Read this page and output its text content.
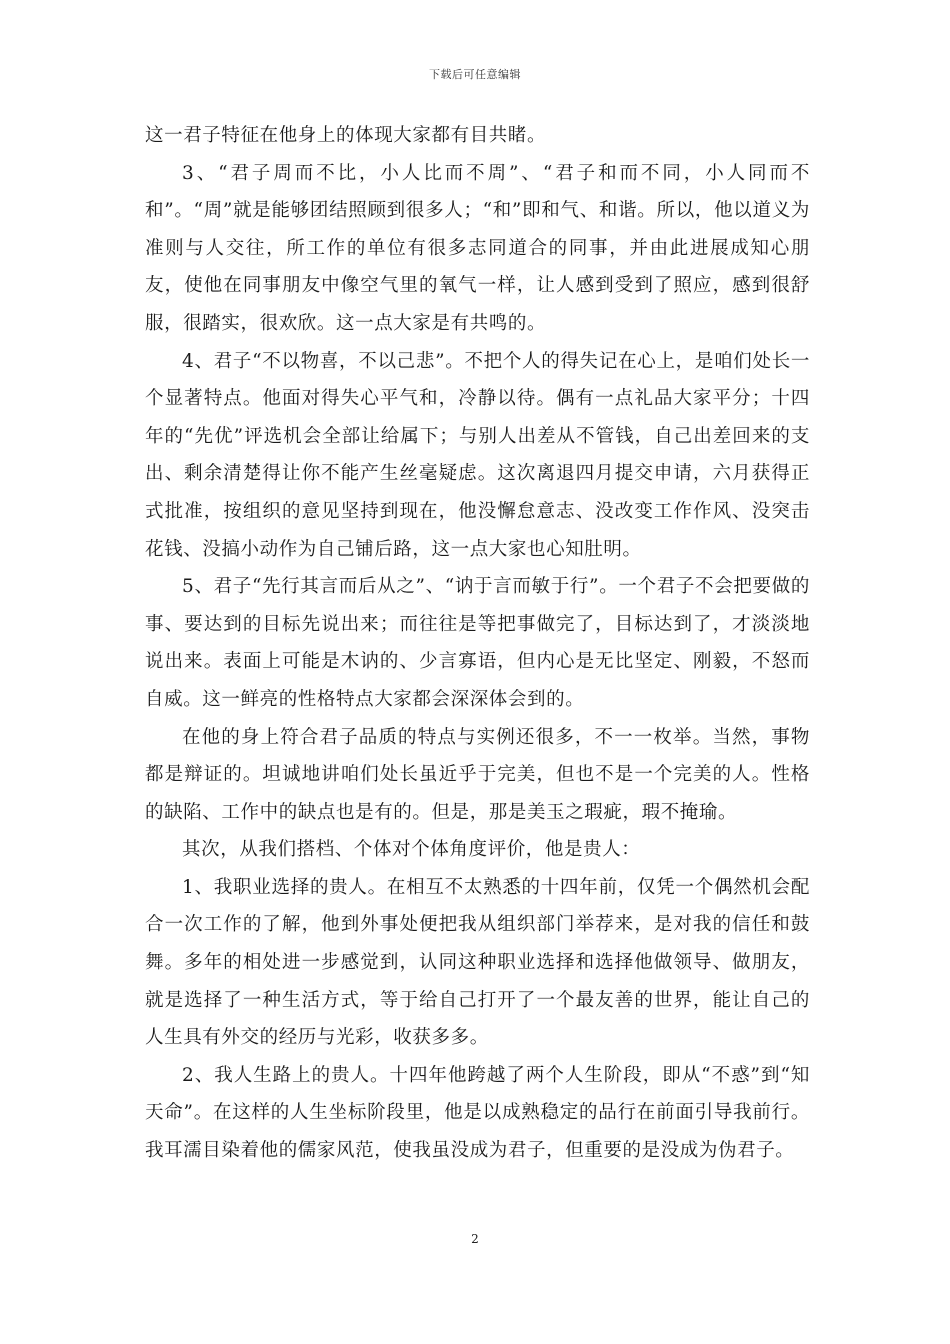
下载后可任意编辑

这一君子特征在他身上的体现大家都有目共睹。

3、“君子周而不比，小人比而不周”、“君子和而不同，小人同而不和”。“周”就是能够团结照顾到很多人；“和”即和气、和谐。所以，他以道义为准则与人交往，所工作的单位有很多志同道合的同事，并由此进展成知心朋友，使他在同事朋友中像空气里的氧气一样，让人感到受到了照应，感到很舒服，很踏实，很欢欣。这一点大家是有共鸣的。

4、君子“不以物喜，不以己悲”。不把个人的得失记在心上，是咱们处长一个显著特点。他面对得失心平气和，冷静以待。偶有一点礼品大家平分；十四年的“先优”评选机会全部让给属下；与别人出差从不管钱，自己出差回来的支出、剩余清楚得让你不能产生丝毫疑虑。这次离退四月提交申请，六月获得正式批准，按组织的意见坚持到现在，他没懈怠意志、没改变工作作风、没突击花钱、没搞小动作为自己铺后路，这一点大家也心知肚明。

5、君子“先行其言而后从之”、“讷于言而敏于行”。一个君子不会把要做的事、要达到的目标先说出来；而往往是等把事做完了，目标达到了，才淡淡地说出来。表面上可能是木讷的、少言寡语，但内心是无比坚定、刚毅，不怒而自威。这一鲜亮的性格特点大家都会深深体会到的。

在他的身上符合君子品质的特点与实例还很多，不一一枚举。当然，事物都是辩证的。坦诚地讲咱们处长虽近乎于完美，但也不是一个完美的人。性格的缺陷、工作中的缺点也是有的。但是，那是美玉之瑕疵，瑕不掩瑜。

其次，从我们搭档、个体对个体角度评价，他是贵人：

1、我职业选择的贵人。在相互不太熟悉的十四年前，仅凭一个偶然机会配合一次工作的了解，他到外事处便把我从组织部门举荐来，是对我的信任和鼓舞。多年的相处进一步感觉到，认同这种职业选择和选择他做领导、做朋友，就是选择了一种生活方式，等于给自己打开了一个最友善的世界，能让自己的人生具有外交的经历与光彩，收获多多。

2、我人生路上的贵人。十四年他跨越了两个人生阶段，即从“不惑”到“知天命”。在这样的人生坐标阶段里，他是以成熟稳定的品行在前面引导我前行。我耳濡目染着他的儒家风范，使我虽没成为君子，但重要的是没成为伪君子。

2
